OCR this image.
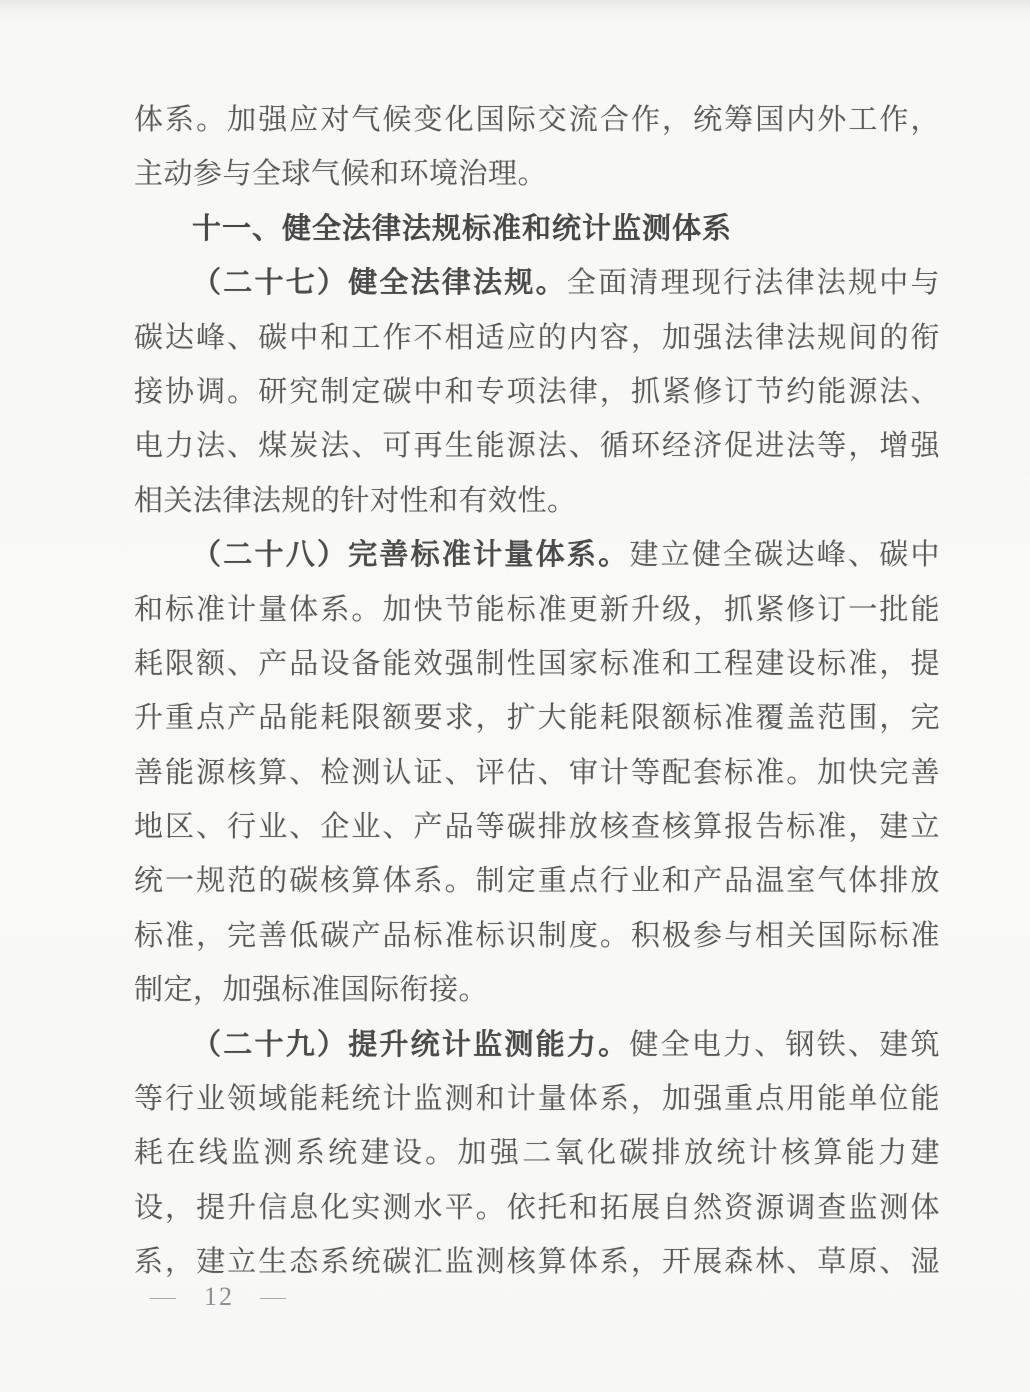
体系。加强应对气候变化国际交流合作，统筹国内外工作，
主动参与全球气候和环境治理。
十一、健全法律法规标准和统计监测体系
（二十七）健全法律法规。全面清理现行法律法规中与
碳达峰、碳中和工作不相适应的内容，加强法律法规间的衔
接协调。研究制定碳中和专项法律，抓紧修订节约能源法、
电力法、煤炭法、可再生能源法、循环经济促进法等，增强
相关法律法规的针对性和有效性。
（二十八）完善标准计量体系。建立健全碳达峰、碳中
和标准计量体系。加快节能标准更新升级，抓紧修订一批能
耗限额、产品设备能效强制性国家标准和工程建设标准，提
升重点产品能耗限额要求，扩大能耗限额标准覆盖范围，完
善能源核算、检测认证、评估、审计等配套标准。加快完善
地区、行业、企业、产品等碳排放核查核算报告标准，建立
统一规范的碳核算体系。制定重点行业和产品温室气体排放
标准，完善低碳产品标准标识制度。积极参与相关国际标准
制定，加强标准国际衔接。
（二十九）提升统计监测能力。健全电力、钢铁、建筑
等行业领域能耗统计监测和计量体系，加强重点用能单位能
耗在线监测系统建设。加强二氧化碳排放统计核算能力建
设，提升信息化实测水平。依托和拓展自然资源调查监测体
系，建立生态系统碳汇监测核算体系，开展森林、草原、湿
— 12 —
